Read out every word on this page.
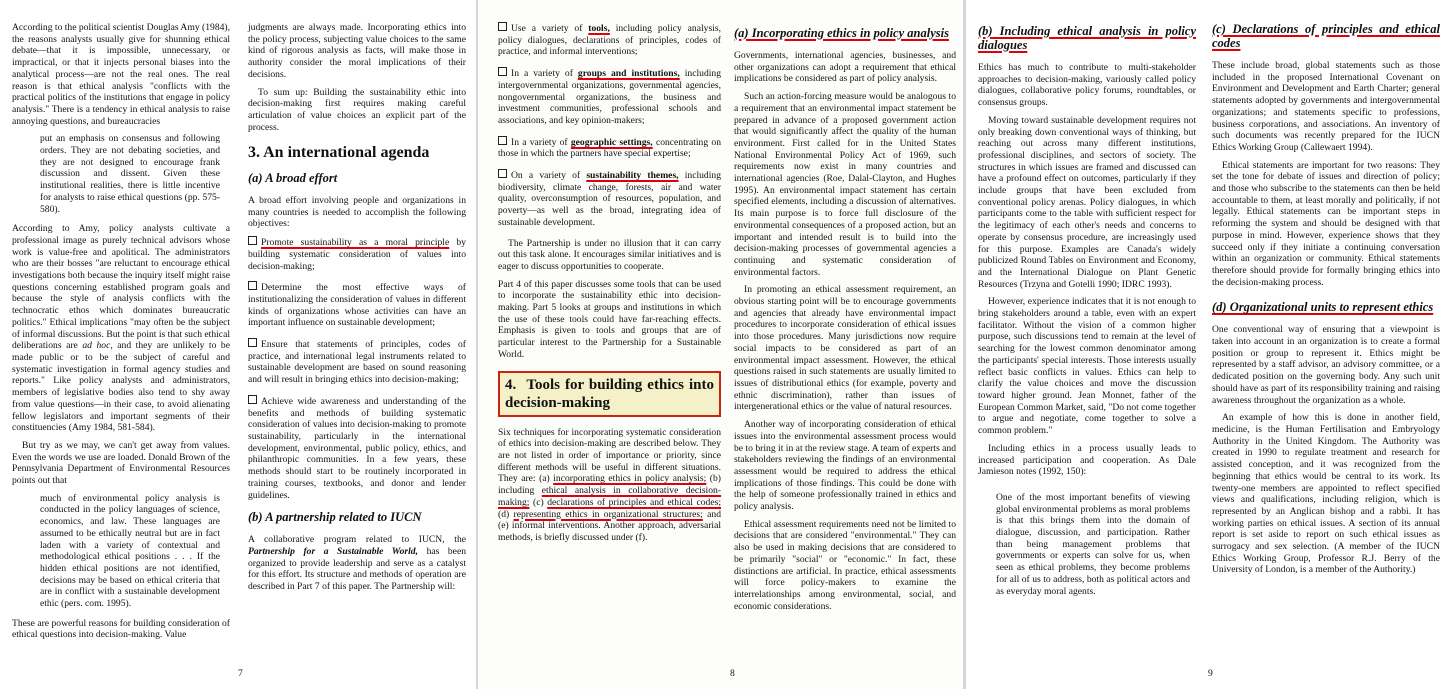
According to the political scientist Douglas Amy (1984), the reasons analysts usually give for shunning ethical debate—that it is impossible, unnecessary, or impractical, or that it injects personal biases into the analytical process—are not the real ones. The real reason is that ethical analysis "conflicts with the practical politics of the institutions that engage in policy analysis." There is a tendency in ethical analysis to raise annoying questions, and bureaucracies

put an emphasis on consensus and following orders. They are not debating societies, and they are not designed to encourage frank discussion and dissent. Given these institutional realities, there is little incentive for analysts to raise ethical questions (pp. 575-580).

According to Amy, policy analysts cultivate a professional image as purely technical advisors whose work is value-free and apolitical. The administrators who are their bosses "are reluctant to encourage ethical investigations both because the inquiry itself might raise questions concerning established program goals and because the style of analysis conflicts with the technocratic ethos which dominates bureaucratic politics." Ethical implications "may often be the subject of informal discussions. But the point is that such ethical deliberations are ad hoc, and they are unlikely to be made public or to be the subject of careful and systematic investigation in formal agency studies and reports." Like policy analysts and administrators, members of legislative bodies also tend to shy away from value questions—in their case, to avoid alienating fellow legislators and important segments of their constituencies (Amy 1984, 581-584).

But try as we may, we can't get away from values. Even the words we use are loaded. Donald Brown of the Pennsylvania Department of Environmental Resources points out that

much of environmental policy analysis is conducted in the policy languages of science, economics, and law. These languages are assumed to be ethically neutral but are in fact laden with a variety of contextual and methodological ethical positions . . . If the hidden ethical positions are not identified, decisions may be based on ethical criteria that are in conflict with a sustainable development ethic (pers. com. 1995).

These are powerful reasons for building consideration of ethical questions into decision-making. Value

judgments are always made. Incorporating ethics into the policy process, subjecting value choices to the same kind of rigorous analysis as facts, will make those in authority consider the moral implications of their decisions.

To sum up: Building the sustainability ethic into decision-making first requires making careful articulation of value choices an explicit part of the process.

3. An international agenda
(a) A broad effort

A broad effort involving people and organizations in many countries is needed to accomplish the following objectives:

Promote sustainability as a moral principle by building systematic consideration of values into decision-making;

Determine the most effective ways of institutionalizing the consideration of values in different kinds of organizations whose activities can have an important influence on sustainable development;

Ensure that statements of principles, codes of practice, and international legal instruments related to sustainable development are based on sound reasoning and will result in bringing ethics into decision-making;

Achieve wide awareness and understanding of the benefits and methods of building systematic consideration of values into decision-making to promote sustainability, particularly in the international development, environmental, public policy, ethics, and philanthropic communities. In a few years, these methods should start to be routinely incorporated in training courses, textbooks, and donor and lender guidelines.

(b) A partnership related to IUCN

A collaborative program related to IUCN, the Partnership for a Sustainable World, has been organized to provide leadership and serve as a catalyst for this effort. Its structure and methods of operation are described in Part 7 of this paper. The Partnership will:

7

Use a variety of tools, including policy analysis, policy dialogues, declarations of principles, codes of practice, and informal interventions;

In a variety of groups and institutions, including intergovernmental organizations, governmental agencies, nongovernmental organizations, the business and investment communities, professional schools and associations, and key opinion-makers;

In a variety of geographic settings, concentrating on those in which the partners have special expertise;

On a variety of sustainability themes, including biodiversity, climate change, forests, air and water quality, overconsumption of resources, population, and poverty—as well as the broad, integrating idea of sustainable development.

The Partnership is under no illusion that it can carry out this task alone. It encourages similar initiatives and is eager to discuss opportunities to cooperate.

Part 4 of this paper discusses some tools that can be used to incorporate the sustainability ethic into decision-making. Part 5 looks at groups and institutions in which the use of these tools could have far-reaching effects. Emphasis is given to tools and groups that are of particular interest to the Partnership for a Sustainable World.

4. Tools for building ethics into decision-making

Six techniques for incorporating systematic consideration of ethics into decision-making are described below. They are not listed in order of importance or priority, since different methods will be useful in different situations. They are: (a) incorporating ethics in policy analysis; (b) including ethical analysis in collaborative decision-making; (c) declarations of principles and ethical codes; (d) representing ethics in organizational structures; and (e) informal interventions. Another approach, adversarial methods, is briefly discussed under (f).

(a) Incorporating ethics in policy analysis

Governments, international agencies, businesses, and other organizations can adopt a requirement that ethical implications be considered as part of policy analysis.

Such an action-forcing measure would be analogous to a requirement that an environmental impact statement be prepared in advance of a proposed government action that would significantly affect the quality of the human environment. First called for in the United States National Environmental Policy Act of 1969, such requirements now exist in many countries and international agencies (Roe, Dalal-Clayton, and Hughes 1995). An environmental impact statement has certain specified elements, including a discussion of alternatives. Its main purpose is to force full disclosure of the environmental consequences of a proposed action, but an important and intended result is to build into the decision-making processes of governmental agencies a continuing and systematic consideration of environmental factors.

In promoting an ethical assessment requirement, an obvious starting point will be to encourage governments and agencies that already have environmental impact procedures to incorporate consideration of ethical issues into those procedures. Many jurisdictions now require social impacts to be considered as part of an environmental impact assessment. However, the ethical questions raised in such statements are usually limited to issues of distributional ethics (for example, poverty and ethnic discrimination), rather than issues of intergenerational ethics or the value of natural resources.

Another way of incorporating consideration of ethical issues into the environmental assessment process would be to bring it in at the review stage. A team of experts and stakeholders reviewing the findings of an environmental assessment would be required to address the ethical implications of those findings. This could be done with the help of someone professionally trained in ethics and policy analysis.

Ethical assessment requirements need not be limited to decisions that are considered "environmental." They can also be used in making decisions that are considered to be primarily "social" or "economic." In fact, these distinctions are artificial. In practice, ethical assessments will force policy-makers to examine the interrelationships among environmental, social, and economic considerations.

8
(b) Including ethical analysis in policy dialogues

Ethics has much to contribute to multi-stakeholder approaches to decision-making, variously called policy dialogues, collaborative policy forums, roundtables, or consensus groups.

Moving toward sustainable development requires not only breaking down conventional ways of thinking, but reaching out across many different institutions, professional disciplines, and sectors of society. The structures in which issues are framed and discussed can have a profound effect on outcomes, particularly if they include groups that have been excluded from conventional policy arenas. Policy dialogues, in which participants come to the table with sufficient respect for the legitimacy of each other's needs and concerns to operate by consensus procedure, are increasingly used for this purpose. Examples are Canada's widely publicized Round Tables on Environment and Economy, and the International Dialogue on Plant Genetic Resources (Trzyna and Gotelli 1990; IDRC 1993).

However, experience indicates that it is not enough to bring stakeholders around a table, even with an expert facilitator. Without the vision of a common higher purpose, such discussions tend to remain at the level of searching for the lowest common denominator among the participants' special interests. Those interests usually reflect basic conflicts in values. Ethics can help to clarify the value choices and move the discussion toward higher ground. Jean Monnet, father of the European Common Market, said, "Do not come together to argue and negotiate, come together to solve a common problem."

Including ethics in a process usually leads to increased participation and cooperation. As Dale Jamieson notes (1992, 150):

One of the most important benefits of viewing global environmental problems as moral problems is that this brings them into the domain of dialogue, discussion, and participation. Rather than being management problems that governments or experts can solve for us, when seen as ethical problems, they become problems for all of us to address, both as political actors and as everyday moral agents.

(c) Declarations of principles and ethical codes

These include broad, global statements such as those included in the proposed International Covenant on Environment and Development and Earth Charter; general statements adopted by governments and intergovernmental organizations; and statements specific to professions, business corporations, and associations. An inventory of such documents was recently prepared for the IUCN Ethics Working Group (Callewaert 1994).

Ethical statements are important for two reasons: They set the tone for debate of issues and direction of policy; and those who subscribe to the statements can then be held accountable to them, at least morally and politically, if not legally. Ethical statements can be important steps in reforming the system and should be designed with that purpose in mind. However, experience shows that they succeed only if they initiate a continuing conversation within an organization or community. Ethical statements therefore should provide for formally bringing ethics into the decision-making process.

(d) Organizational units to represent ethics

One conventional way of ensuring that a viewpoint is taken into account in an organization is to create a formal position or group to represent it. Ethics might be represented by a staff advisor, an advisory committee, or a dedicated position on the governing body. Any such unit should have as part of its responsibility training and raising awareness throughout the organization as a whole.

An example of how this is done in another field, medicine, is the Human Fertilisation and Embryology Authority in the United Kingdom. The Authority was created in 1990 to regulate treatment and research for assisted conception, and it was recognized from the beginning that ethics would be central to its work. Its twenty-one members are appointed to reflect specified views and qualifications, including religion, which is represented by an Anglican bishop and a rabbi. It has working parties on ethical issues. A section of its annual report is set aside to report on such ethical issues as surrogacy and sex selection. (A member of the IUCN Ethics Working Group, Professor R.J. Berry of the University of London, is a member of the Authority.)

9
